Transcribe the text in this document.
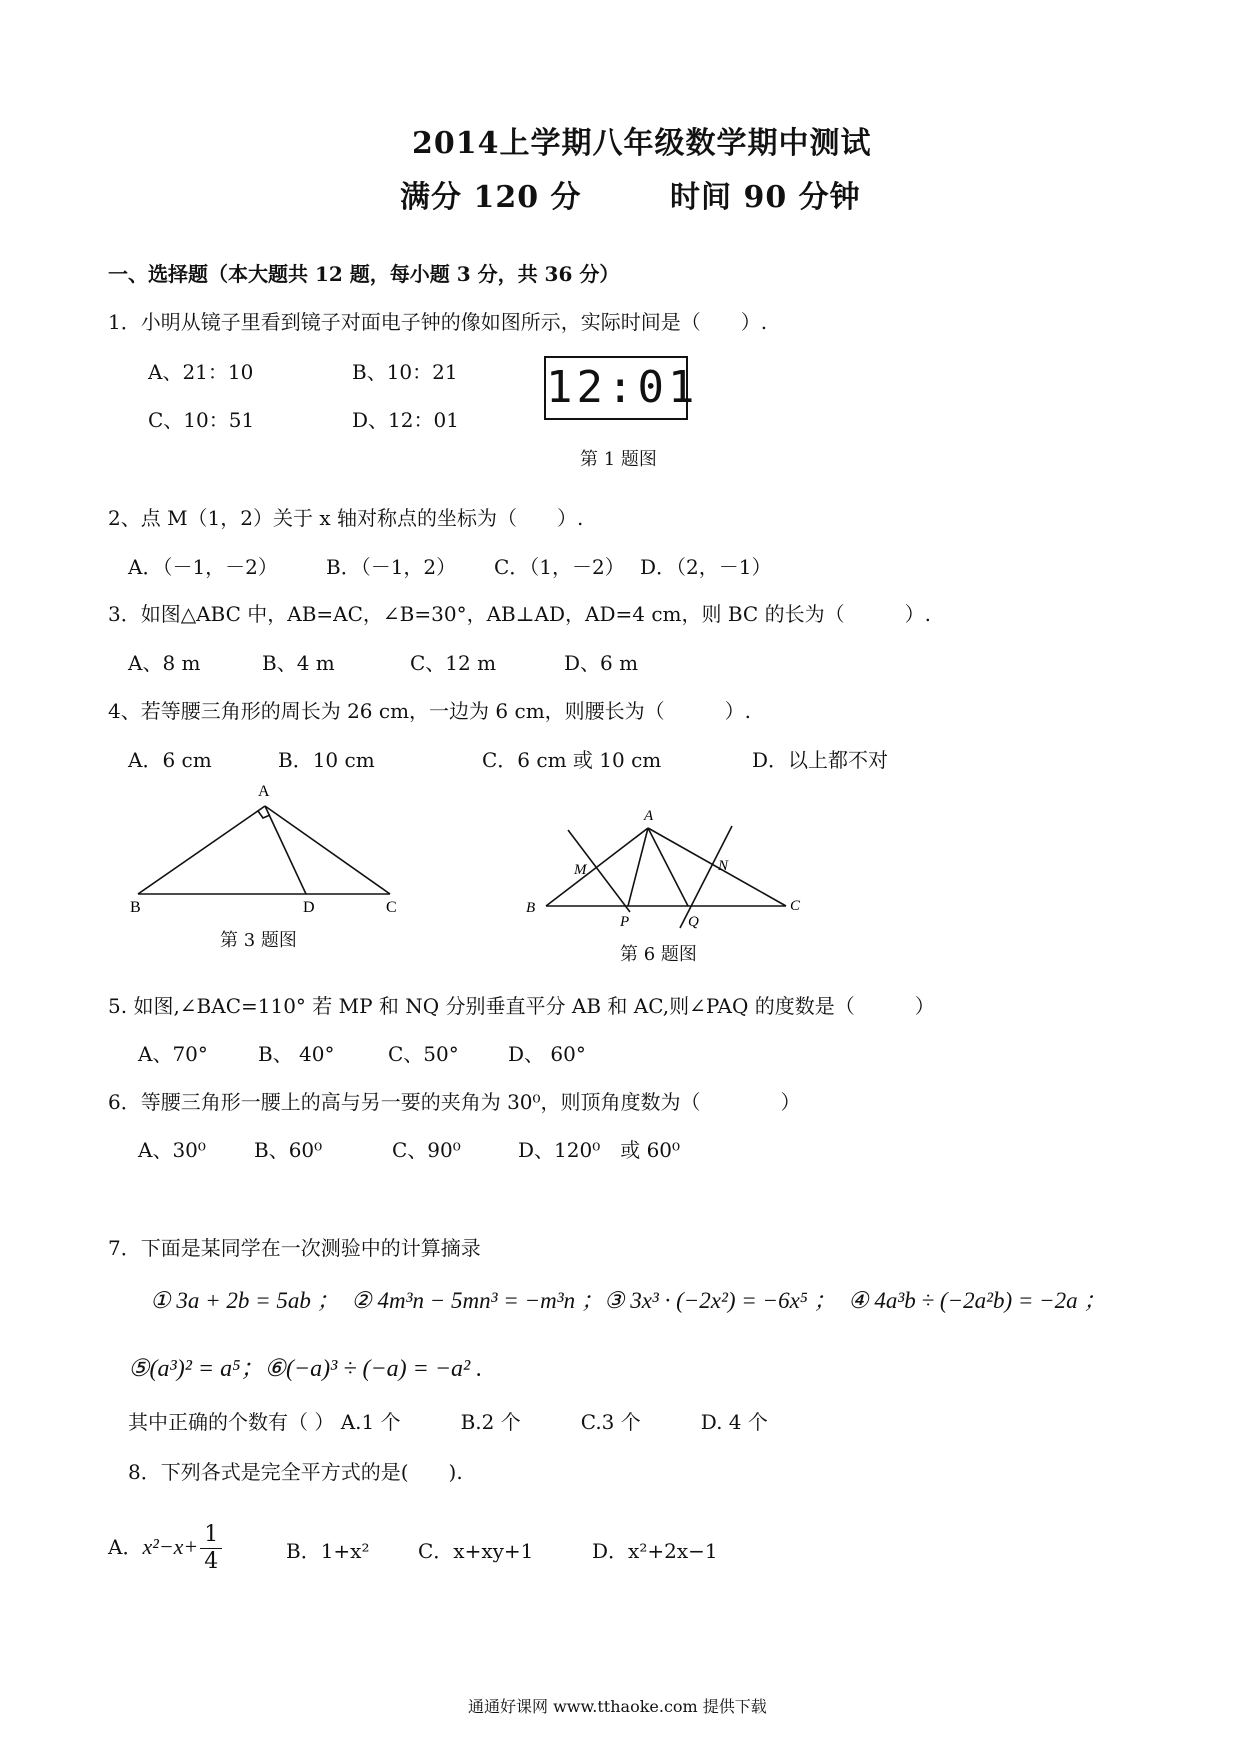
2014上学期八年级数学期中测试
满分 120 分	时间 90 分钟
一、选择题（本大题共 12 题，每小题 3 分，共 36 分）
1．小明从镜子里看到镜子对面电子钟的像如图所示，实际时间是（　　）.
A、21：10	B、10：21
C、10：51	D、12：01
12:01
第 1 题图
2、点 M（1，2）关于 x 轴对称点的坐标为（　　）.
A．（－1，－2） B．（－1，2） C．（1，－2） D．（2，－1）
3．如图△ABC 中，AB=AC，∠B=30°，AB⊥AD，AD=4 cm，则 BC 的长为（　　　）.
A、8 m	B、4 m	C、12 m	D、6 m
4、若等腰三角形的周长为 26 cm，一边为 6 cm，则腰长为（　　　）.
A．6 cm	B．10 cm	C．6 cm 或 10 cm	D．以上都不对
A
B	D	C
第 3 题图
A
M	N
B	C
P	Q
第 6 题图
5. 如图,∠BAC=110° 若 MP 和 NQ 分别垂直平分 AB 和 AC,则∠PAQ 的度数是（　　　）
A、70°	B、 40°	C、50° D、 60°
6．等腰三角形一腰上的高与另一要的夹角为 30⁰，则顶角度数为（　　　　）
A、30⁰ B、60⁰	C、90⁰	D、120⁰　或 60⁰
7．下面是某同学在一次测验中的计算摘录
① 3a + 2b = 5ab ；　② 4m³n − 5mn³ = −m³n ；③ 3x³ · (−2x²) = −6x⁵ ；　④ 4a³b ÷ (−2a²b) = −2a ；
⑤(a³)² = a⁵；⑥(−a)³ ÷ (−a) = −a² .
其中正确的个数有（ ） A.1 个　　　B.2 个　　　C.3 个　　　D. 4 个
8．下列各式是完全平方式的是(　　).
A．$x^2-x+ \frac{1}{4}$	B．1+x² C．x+xy+1	D．x²+2x−1
通通好课网 www.tthaoke.com 提供下载
